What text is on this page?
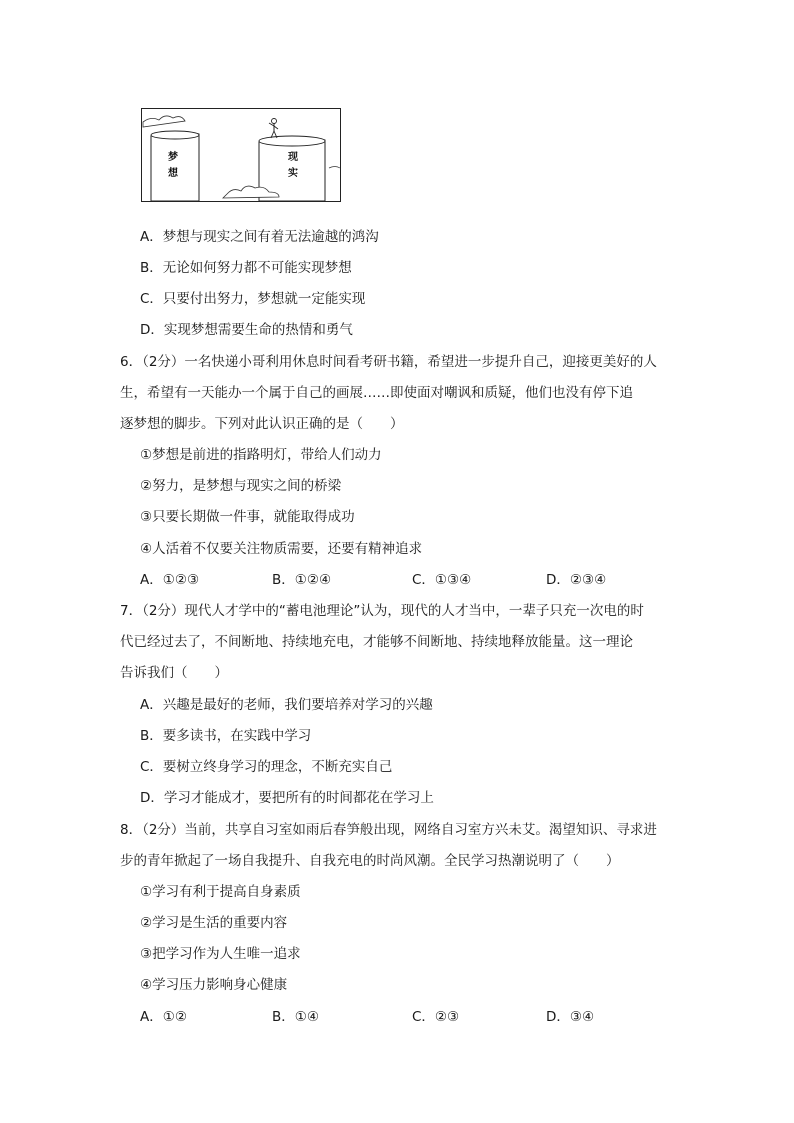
梦想
现实
A．梦想与现实之间有着无法逾越的鸿沟
B．无论如何努力都不可能实现梦想
C．只要付出努力，梦想就一定能实现
D．实现梦想需要生命的热情和勇气
6．（2分）一名快递小哥利用休息时间看考研书籍，希望进一步提升自己，迎接更美好的人
生，希望有一天能办一个属于自己的画展……即使面对嘲讽和质疑，他们也没有停下追
逐梦想的脚步。下列对此认识正确的是（　　）
①梦想是前进的指路明灯，带给人们动力
②努力，是梦想与现实之间的桥梁
③只要长期做一件事，就能取得成功
④人活着不仅要关注物质需要，还要有精神追求
A．①②③	B．①②④	C．①③④	D．②③④
7．（2分）现代人才学中的“蓄电池理论”认为，现代的人才当中，一辈子只充一次电的时
代已经过去了，不间断地、持续地充电，才能够不间断地、持续地释放能量。这一理论
告诉我们（　　）
A．兴趣是最好的老师，我们要培养对学习的兴趣
B．要多读书，在实践中学习
C．要树立终身学习的理念，不断充实自己
D．学习才能成才，要把所有的时间都花在学习上
8．（2分）当前，共享自习室如雨后春笋般出现，网络自习室方兴未艾。渴望知识、寻求进
步的青年掀起了一场自我提升、自我充电的时尚风潮。全民学习热潮说明了（　　）
①学习有利于提高自身素质
②学习是生活的重要内容
③把学习作为人生唯一追求
④学习压力影响身心健康
A．①②	B．①④	C．②③	D．③④
